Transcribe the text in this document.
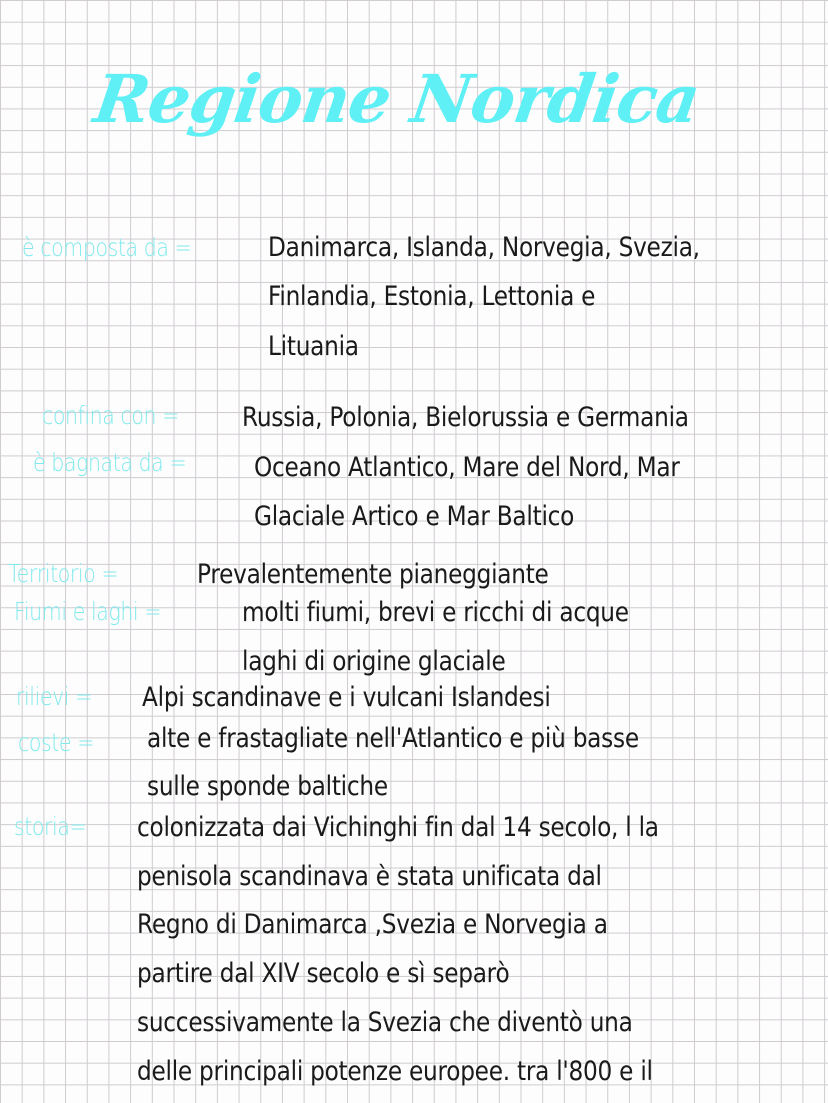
Regione Nordica
è composta da =	Danimarca, Islanda, Norvegia, Svezia,
Finlandia, Estonia, Lettonia e
Lituania
confina con = Russia, Polonia, Bielorussia e Germania
è bagnata da =	Oceano Atlantico, Mare del Nord, Mar
Glaciale Artico e Mar Baltico
Territorio =	Prevalentemente pianeggiante
Fiumi e laghi =	molti fiumi, brevi e ricchi di acque
laghi di origine glaciale
rilievi = Alpi scandinave e i vulcani Islandesi
coste = alte e frastagliate nell'Atlantico e più basse
sulle sponde baltiche
storia= colonizzata dai Vichinghi fin dal 14 secolo, l la
penisola scandinava è stata unificata dal
Regno di Danimarca ,Svezia e Norvegia a
partire dal XIV secolo e sì separò
successivamente la Svezia che diventò una
delle principali potenze europee. tra l'800 e il
